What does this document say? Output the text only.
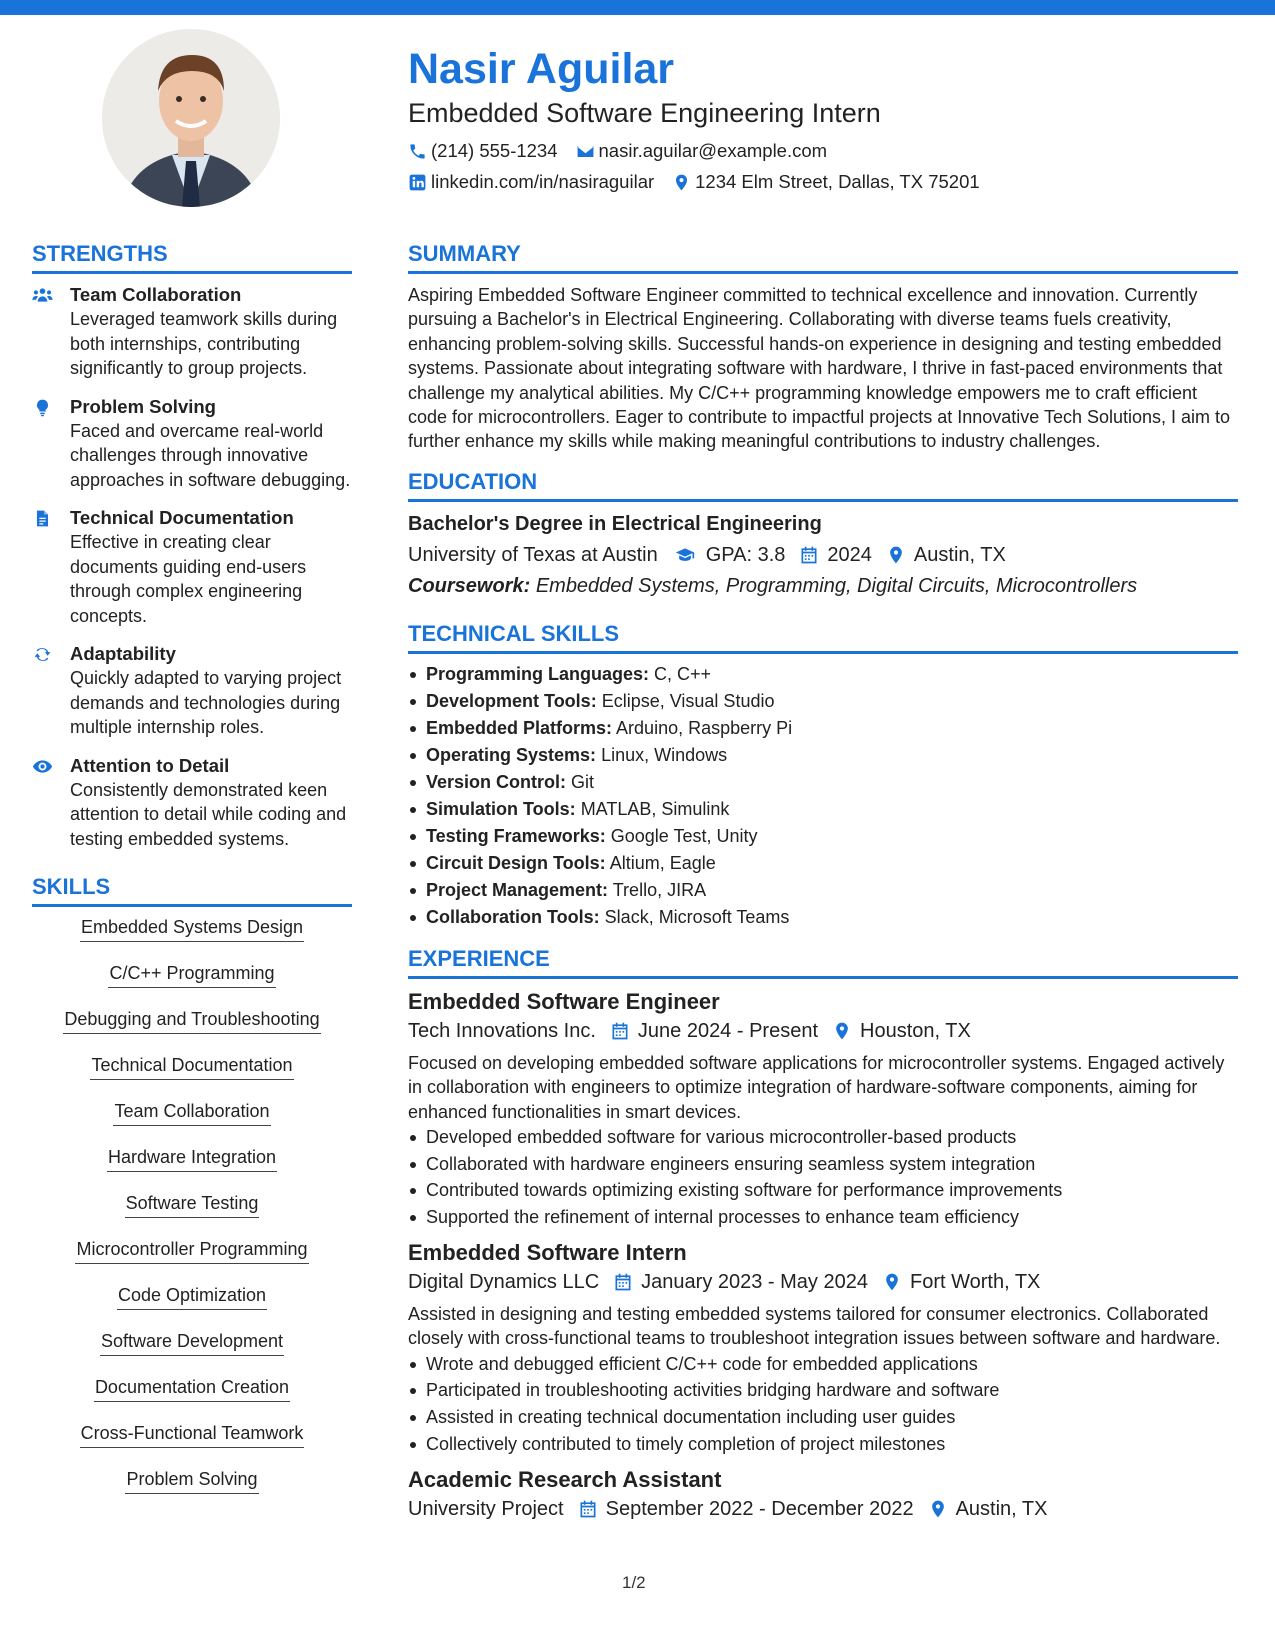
Nasir Aguilar
Embedded Software Engineering Intern
(214) 555-1234 nasir.aguilar@example.com
linkedin.com/in/nasiraguilar 1234 Elm Street, Dallas, TX 75201
STRENGTHS
Team Collaboration
Leveraged teamwork skills during both internships, contributing significantly to group projects.
Problem Solving
Faced and overcame real-world challenges through innovative approaches in software debugging.
Technical Documentation
Effective in creating clear documents guiding end-users through complex engineering concepts.
Adaptability
Quickly adapted to varying project demands and technologies during multiple internship roles.
Attention to Detail
Consistently demonstrated keen attention to detail while coding and testing embedded systems.
SKILLS
Embedded Systems Design
C/C++ Programming
Debugging and Troubleshooting
Technical Documentation
Team Collaboration
Hardware Integration
Software Testing
Microcontroller Programming
Code Optimization
Software Development
Documentation Creation
Cross-Functional Teamwork
Problem Solving
SUMMARY
Aspiring Embedded Software Engineer committed to technical excellence and innovation. Currently pursuing a Bachelor's in Electrical Engineering. Collaborating with diverse teams fuels creativity, enhancing problem-solving skills. Successful hands-on experience in designing and testing embedded systems. Passionate about integrating software with hardware, I thrive in fast-paced environments that challenge my analytical abilities. My C/C++ programming knowledge empowers me to craft efficient code for microcontrollers. Eager to contribute to impactful projects at Innovative Tech Solutions, I aim to further enhance my skills while making meaningful contributions to industry challenges.
EDUCATION
Bachelor's Degree in Electrical Engineering
University of Texas at Austin GPA: 3.8 2024 Austin, TX
Coursework: Embedded Systems, Programming, Digital Circuits, Microcontrollers
TECHNICAL SKILLS
Programming Languages: C, C++
Development Tools: Eclipse, Visual Studio
Embedded Platforms: Arduino, Raspberry Pi
Operating Systems: Linux, Windows
Version Control: Git
Simulation Tools: MATLAB, Simulink
Testing Frameworks: Google Test, Unity
Circuit Design Tools: Altium, Eagle
Project Management: Trello, JIRA
Collaboration Tools: Slack, Microsoft Teams
EXPERIENCE
Embedded Software Engineer
Tech Innovations Inc. June 2024 - Present Houston, TX
Focused on developing embedded software applications for microcontroller systems. Engaged actively in collaboration with engineers to optimize integration of hardware-software components, aiming for enhanced functionalities in smart devices.
Developed embedded software for various microcontroller-based products
Collaborated with hardware engineers ensuring seamless system integration
Contributed towards optimizing existing software for performance improvements
Supported the refinement of internal processes to enhance team efficiency
Embedded Software Intern
Digital Dynamics LLC January 2023 - May 2024 Fort Worth, TX
Assisted in designing and testing embedded systems tailored for consumer electronics. Collaborated closely with cross-functional teams to troubleshoot integration issues between software and hardware.
Wrote and debugged efficient C/C++ code for embedded applications
Participated in troubleshooting activities bridging hardware and software
Assisted in creating technical documentation including user guides
Collectively contributed to timely completion of project milestones
Academic Research Assistant
University Project September 2022 - December 2022 Austin, TX
1/2
